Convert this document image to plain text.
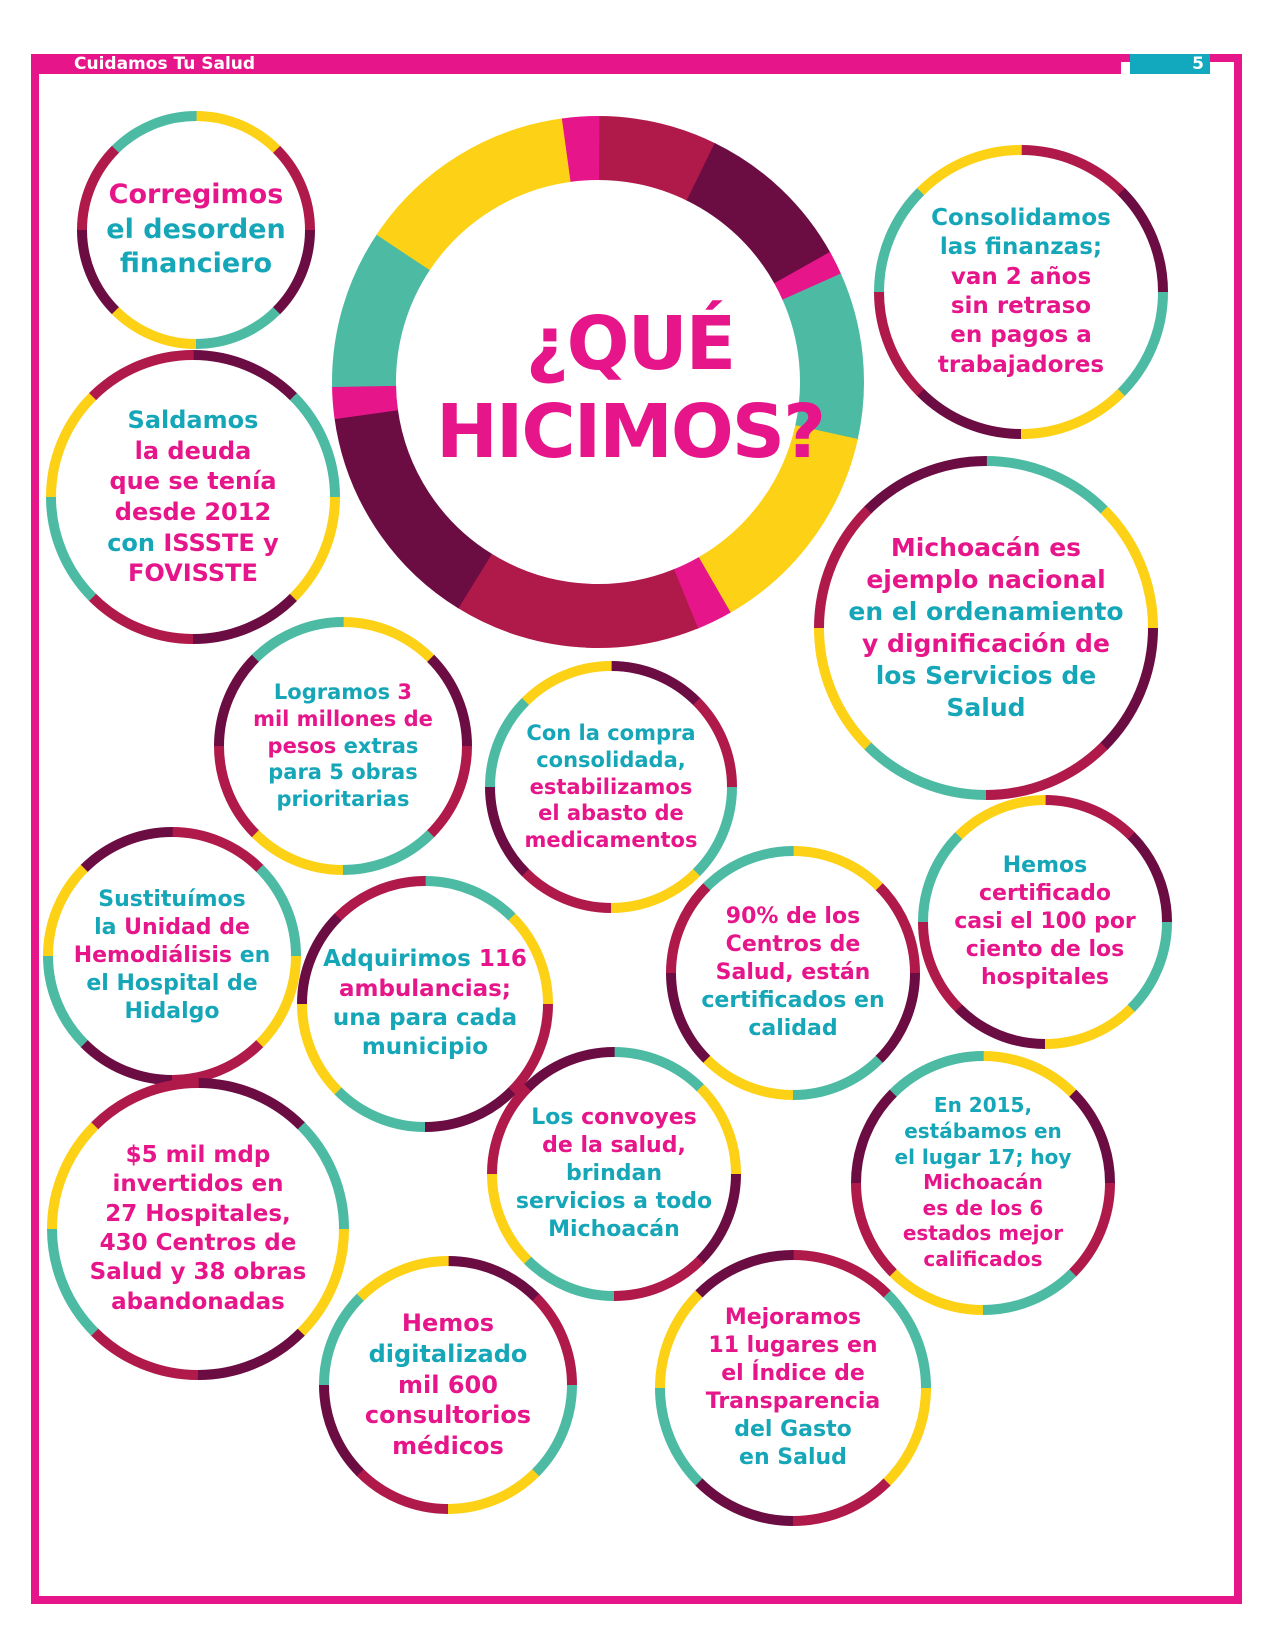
Cuidamos Tu Salud	5
¿QUÉ
HICIMOS?
Corregimos
el desorden
financiero
Consolidamos
las finanzas;
van 2 años
sin retraso
en pagos a
trabajadores
Saldamos
la deuda
que se tenía
desde 2012
con ISSSTE y
FOVISSTE
Michoacán es
ejemplo nacional
en el ordenamiento
y dignificación de
los Servicios de
Salud
Logramos 3
mil millones de
pesos extras
para 5 obras
prioritarias
Con la compra
consolidada,
estabilizamos
el abasto de
medicamentos
Sustituímos
la Unidad de
Hemodiálisis en
el Hospital de
Hidalgo
Adquirimos 116
ambulancias;
una para cada
municipio
90% de los
Centros de
Salud, están
certificados en
calidad
Hemos
certificado
casi el 100 por
ciento de los
hospitales
$5 mil mdp
invertidos en
27 Hospitales,
430 Centros de
Salud y 38 obras
abandonadas
Los convoyes
de la salud,
brindan
servicios a todo
Michoacán
En 2015,
estábamos en
el lugar 17; hoy
Michoacán
es de los 6
estados mejor
calificados
Hemos
digitalizado
mil 600
consultorios
médicos
Mejoramos
11 lugares en
el Índice de
Transparencia
del Gasto
en Salud
